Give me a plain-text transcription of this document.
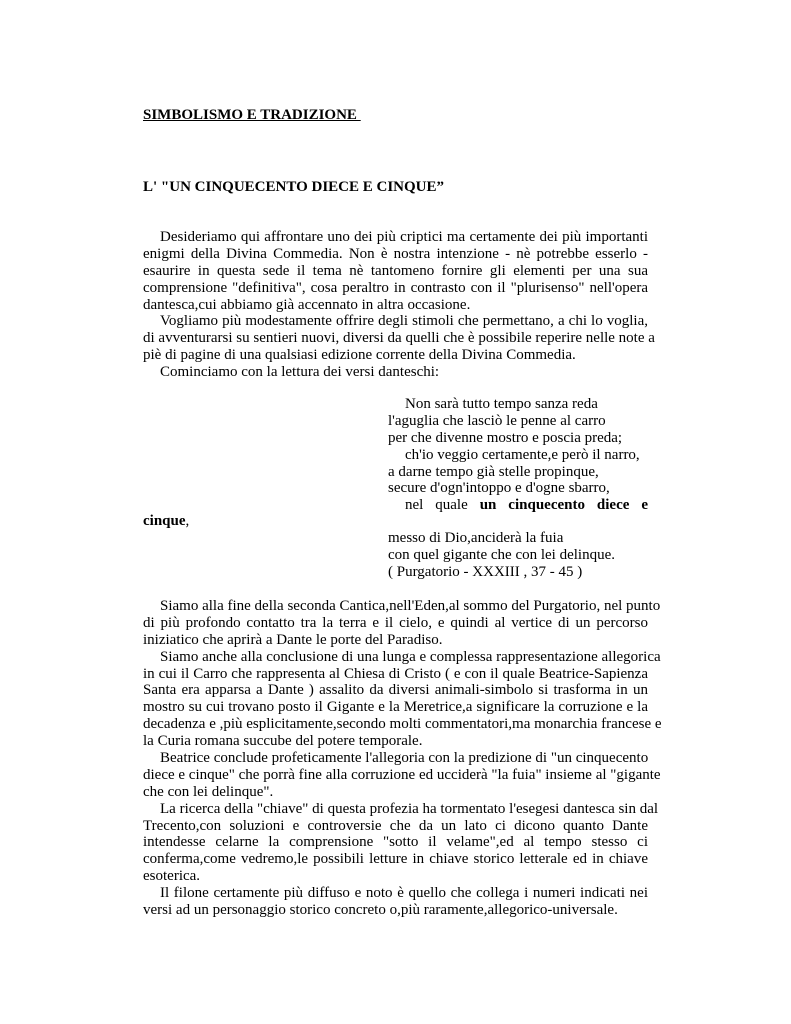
SIMBOLISMO E TRADIZIONE
L' "UN CINQUECENTO DIECE E CINQUE”
Desideriamo qui affrontare uno dei più criptici ma certamente dei più importanti
enigmi della Divina Commedia. Non è nostra intenzione - nè potrebbe esserlo -
esaurire in questa sede il tema nè tantomeno fornire gli elementi per una sua
comprensione "definitiva", cosa peraltro in contrasto con il "plurisenso" nell'opera
dantesca,cui abbiamo già accennato in altra occasione.
Vogliamo più modestamente offrire degli stimoli che permettano, a chi lo voglia,
di avventurarsi su sentieri nuovi, diversi da quelli che è possibile reperire nelle note a
piè di pagine di una qualsiasi edizione corrente della Divina Commedia.
Cominciamo con la lettura dei versi danteschi:
Non sarà tutto tempo sanza reda
l'aguglia che lasciò le penne al carro
per che divenne mostro e poscia preda;
ch'io veggio certamente,e però il narro,
a darne tempo già stelle propinque,
secure d'ogn'intoppo e d'ogne sbarro,
nel quale un cinquecento diece e
cinque,
messo di Dio,anciderà la fuia
con quel gigante che con lei delinque.
( Purgatorio - XXXIII , 37 - 45 )
Siamo alla fine della seconda Cantica,nell'Eden,al sommo del Purgatorio, nel punto
di più profondo contatto tra la terra e il cielo, e quindi al vertice di un percorso
iniziatico che aprirà a Dante le porte del Paradiso.
Siamo anche alla conclusione di una lunga e complessa rappresentazione allegorica
in cui il Carro che rappresenta al Chiesa di Cristo ( e con il quale Beatrice-Sapienza
Santa era apparsa a Dante ) assalito da diversi animali-simbolo si trasforma in un
mostro su cui trovano posto il Gigante e la Meretrice,a significare la corruzione e la
decadenza e ,più esplicitamente,secondo molti commentatori,ma monarchia francese e
la Curia romana succube del potere temporale.
Beatrice conclude profeticamente l'allegoria con la predizione di "un cinquecento
diece e cinque" che porrà fine alla corruzione ed ucciderà "la fuia" insieme al "gigante
che con lei delinque".
La ricerca della "chiave" di questa profezia ha tormentato l'esegesi dantesca sin dal
Trecento,con soluzioni e controversie che da un lato ci dicono quanto Dante
intendesse celarne la comprensione "sotto il velame",ed al tempo stesso ci
conferma,come vedremo,le possibili letture in chiave storico letterale ed in chiave
esoterica.
Il filone certamente più diffuso e noto è quello che collega i numeri indicati nei
versi ad un personaggio storico concreto o,più raramente,allegorico-universale.
